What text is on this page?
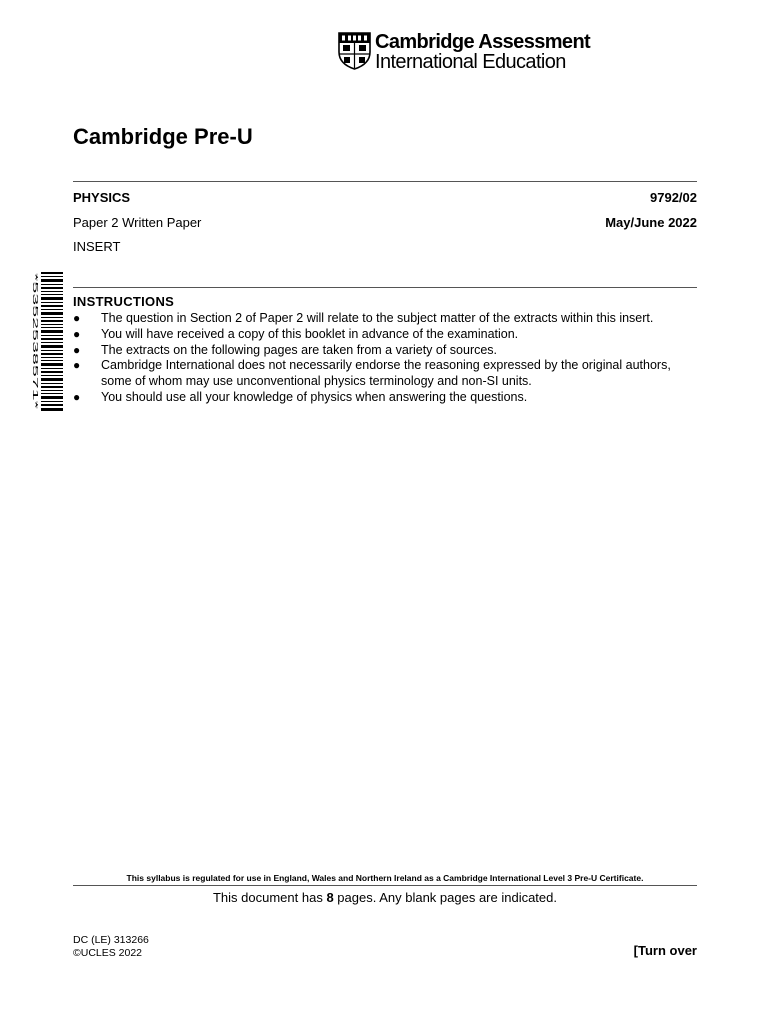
Cambridge Assessment
International Education
Cambridge Pre-U
PHYSICS	9792/02
Paper 2 Written Paper	May/June 2022
INSERT
*5352538571*	INSTRUCTIONS
● The question in Section 2 of Paper 2 will relate to the subject matter of the extracts within this insert.
● You will have received a copy of this booklet in advance of the examination.
● The extracts on the following pages are taken from a variety of sources.
● Cambridge International does not necessarily endorse the reasoning expressed by the original authors, some of whom may use unconventional physics terminology and non-SI units.
● You should use all your knowledge of physics when answering the questions.
This syllabus is regulated for use in England, Wales and Northern Ireland as a Cambridge International Level 3 Pre-U Certificate.
This document has 8 pages. Any blank pages are indicated.
DC (LE) 313266
©UCLES 2022	[Turn over
